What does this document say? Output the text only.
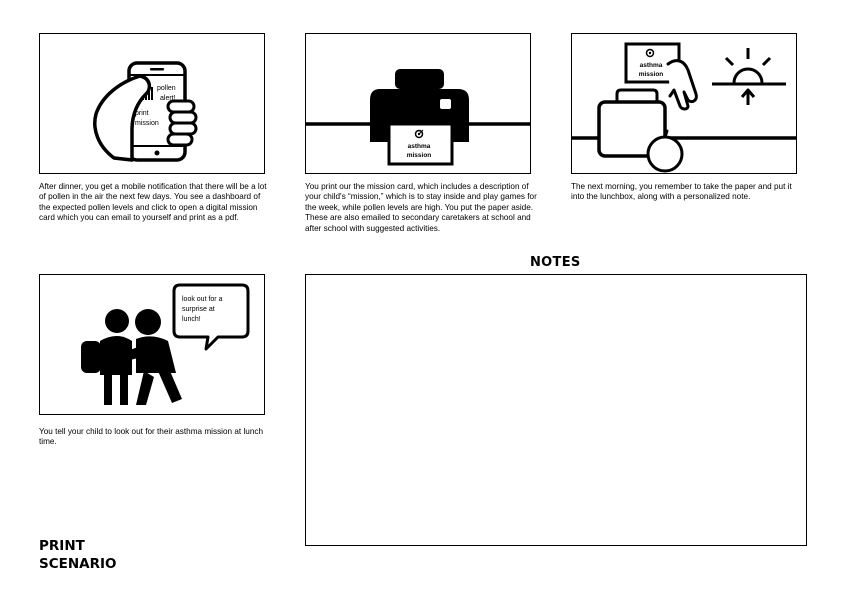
pollen
alert!
print
mission
After dinner, you get a mobile notification that there will be a lot of pollen in the air the next few days. You see a dashboard of the expected pollen levels and click to open a digital mission card which you can email to yourself and print as a pdf.
asthma
mission
You print our the mission card, which includes a description of your child's “mission,” which is to stay inside and play games for the week, while pollen levels are high. You put the paper aside. These are also emailed to secondary caretakers at school and after school with suggested activities.
asthma
mission
The next morning, you remember to take the paper and put it into the lunchbox, along with a personalized note.
look out for a
surprise at
lunch!
You tell your child to look out for their asthma mission at lunch time.
NOTES
PRINT
SCENARIO
